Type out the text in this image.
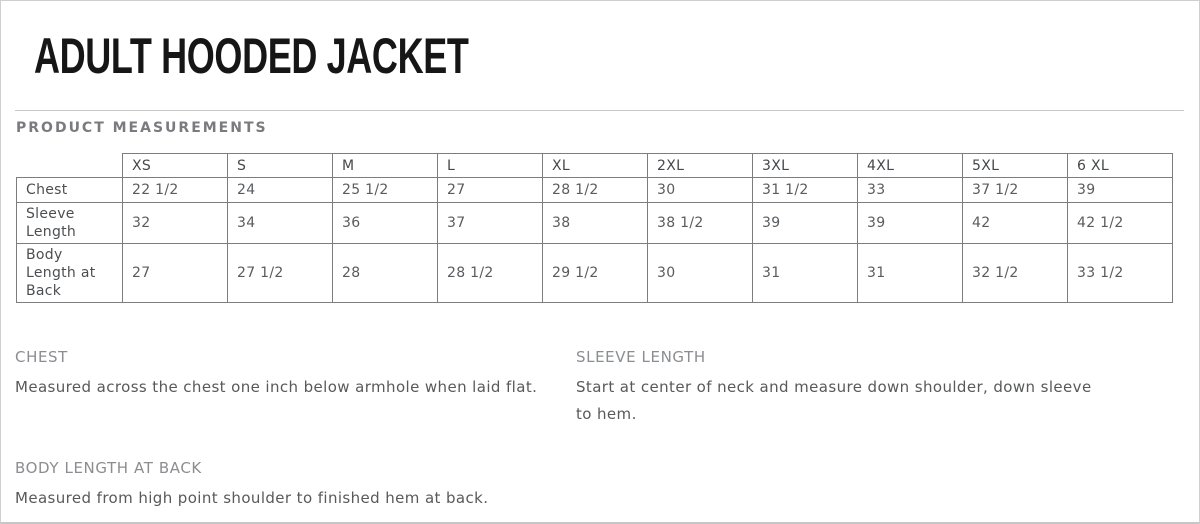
ADULT HOODED JACKET
PRODUCT MEASUREMENTS
	XS	S	M	L	XL	2XL	3XL	4XL	5XL	6 XL
Chest	22 1/2	24	25 1/2	27	28 1/2	30	31 1/2	33	37 1/2	39
Sleeve Length	32	34	36	37	38	38 1/2	39	39	42	42 1/2
Body Length at Back	27	27 1/2	28	28 1/2	29 1/2	30	31	31	32 1/2	33 1/2
CHEST
Measured across the chest one inch below armhole when laid flat.
SLEEVE LENGTH
Start at center of neck and measure down shoulder, down sleeve to hem.
BODY LENGTH AT BACK
Measured from high point shoulder to finished hem at back.
